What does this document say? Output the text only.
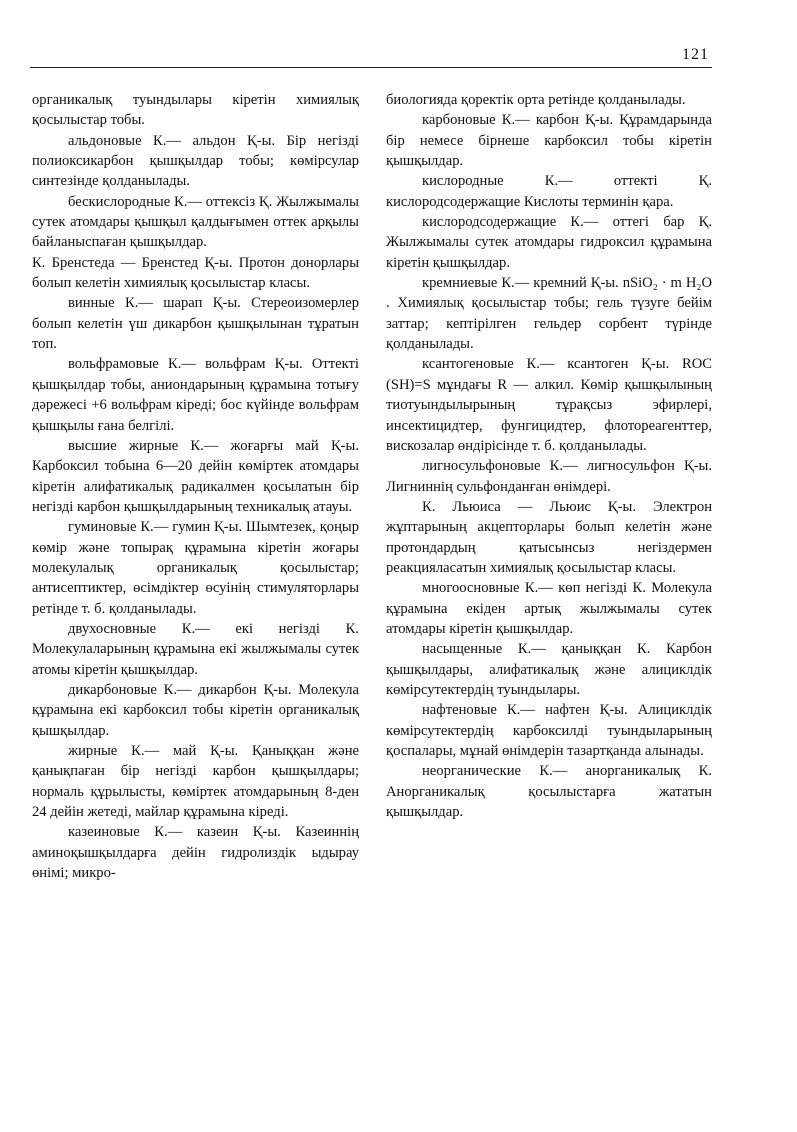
121
органикалық туындылары кіретін химиялық қосылыстар тобы.
альдоновые К.— альдон Қ-ы. Бір негізді полиоксикарбон қышқылдар тобы; көмірсулар синтезінде қолданылады.
бескислородные К.— оттексіз Қ. Жылжымалы сутек атомдары қышқыл қалдығымен оттек арқылы байланыспаған қышқылдар.
К. Бренстеда — Бренстед Қ-ы. Протон донорлары болып келетін химиялық қосылыстар класы.
винные К.— шарап Қ-ы. Стереоизомерлер болып келетін үш дикарбон қышқылынан тұратын топ.
вольфрамовые К.— вольфрам Қ-ы. Оттекті қышқылдар тобы, аниондарының құрамына тотығу дәрежесі +6 вольфрам кіреді; бос күйінде вольфрам қышқылы ғана белгілі.
высшие жирные К.— жоғарғы май Қ-ы. Карбоксил тобына 6—20 дейін көміртек атомдары кіретін алифатикалық радикалмен қосылатын бір негізді карбон қышқылдарының техникалық атауы.
гуминовые К.— гумин Қ-ы. Шымтезек, қоңыр көмір және топырақ құрамына кіретін жоғары молекулалық органикалық қосылыстар; антисептиктер, өсімдіктер өсуінің стимуляторлары ретінде т. б. қолданылады.
двухосновные К.— екі негізді К. Молекулаларының құрамына екі жылжымалы сутек атомы кіретін қышқылдар.
дикарбоновые К.— дикарбон Қ-ы. Молекула құрамына екі карбоксил тобы кіретін органикалық қышқылдар.
жирные К.— май Қ-ы. Қаныққан және қанықпаған бір негізді карбон қышқылдары; нормаль құрылысты, көміртек атомдарының 8-ден 24 дейін жетеді, майлар құрамына кіреді.
казеиновые К.— казеин Қ-ы. Казеиннің аминоқышқылдарға дейін гидролиздік ыдырау өнімі; микро-
биологияда қоректік орта ретінде қолданылады.
карбоновые К.— карбон Қ-ы. Құрамдарында бір немесе бірнеше карбоксил тобы кіретін қышқылдар.
кислородные К.— оттекті Қ. кислородсодержащие Кислоты терминін қара.
кислородсодержащие К.— оттегі бар Қ. Жылжымалы сутек атомдары гидроксил құрамына кіретін қышқылдар.
кремниевые К.— кремний Қ-ы. nSiO₂ · m H₂O . Химиялық қосылыстар тобы; гель түзуге бейім заттар; кептірілген гельдер сорбент түрінде қолданылады.
ксантогеновые К.— ксантоген Қ-ы. ROC (SH)=S мұндағы R — алкил. Көмір қышқылының тиотуындылырының тұрақсыз эфирлері, инсектицидтер, фунгицидтер, флотореагенттер, вискозалар өндірісінде т. б. қолданылады.
лигносульфоновые К.— лигносульфон Қ-ы. Лигниннің сульфонданған өнімдері.
К. Льюиса — Льюис Қ-ы. Электрон жұптарының акцепторлары болып келетін және протондардың қатысынсыз негіздермен реакцияласатын химиялық қосылыстар класы.
многоосновные К.— көп негізді К. Молекула құрамына екіден артық жылжымалы сутек атомдары кіретін қышқылдар.
насыщенные К.— қаныққан К. Карбон қышқылдары, алифатикалық және алициклдік көмірсутектердің туындылары.
нафтеновые К.— нафтен Қ-ы. Алициклдік көмірсутектердің карбоксилді туындыларының қоспалары, мұнай өнімдерін тазартқанда алынады.
неорганические К.— анорганикалық К. Анорганикалық қосылыстарға жататын қышқылдар.
